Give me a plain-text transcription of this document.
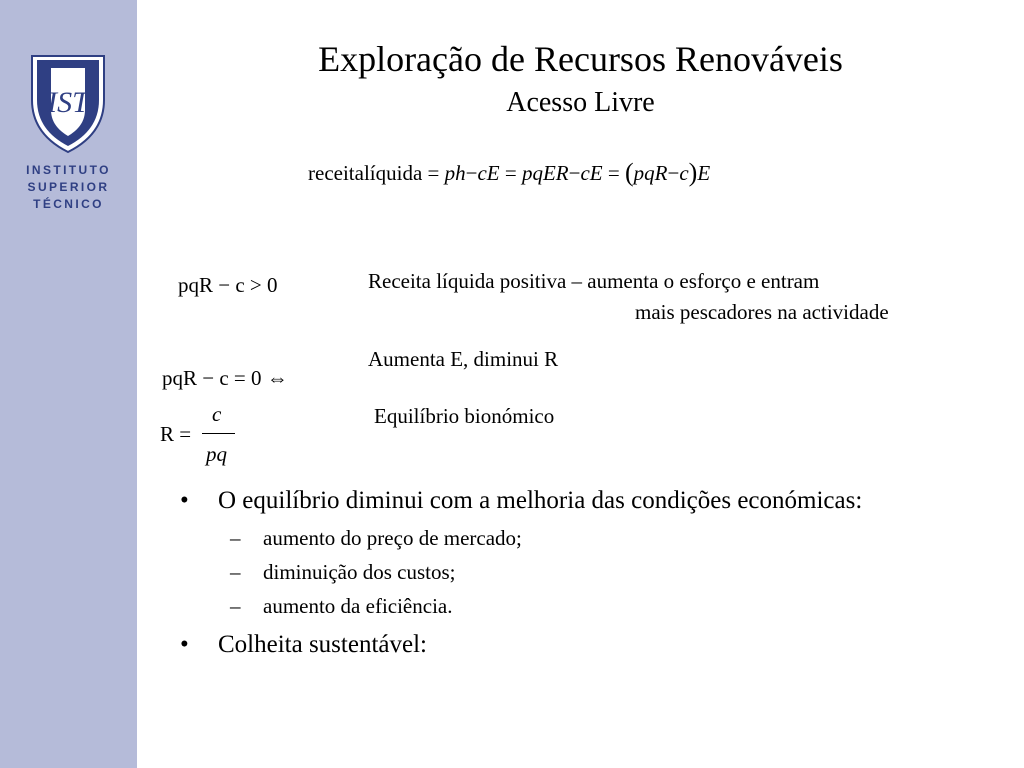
IST
INSTITUTO
SUPERIOR
TÉCNICO
Exploração de Recursos Renováveis
Acesso Livre
receitalíquida = ph−cE = pqER−cE = (pqR−c)E
pqR − c > 0	Receita líquida positiva – aumenta o esforço e entram
mais pescadores na actividade
pqR − c = 0 ⇔
Aumenta E, diminui R
R =
c
pq
Equilíbrio bionómico
• O equilíbrio diminui com a melhoria das condições económicas:
– aumento do preço de mercado;
– diminuição dos custos;
– aumento da eficiência.
• Colheita sustentável:
